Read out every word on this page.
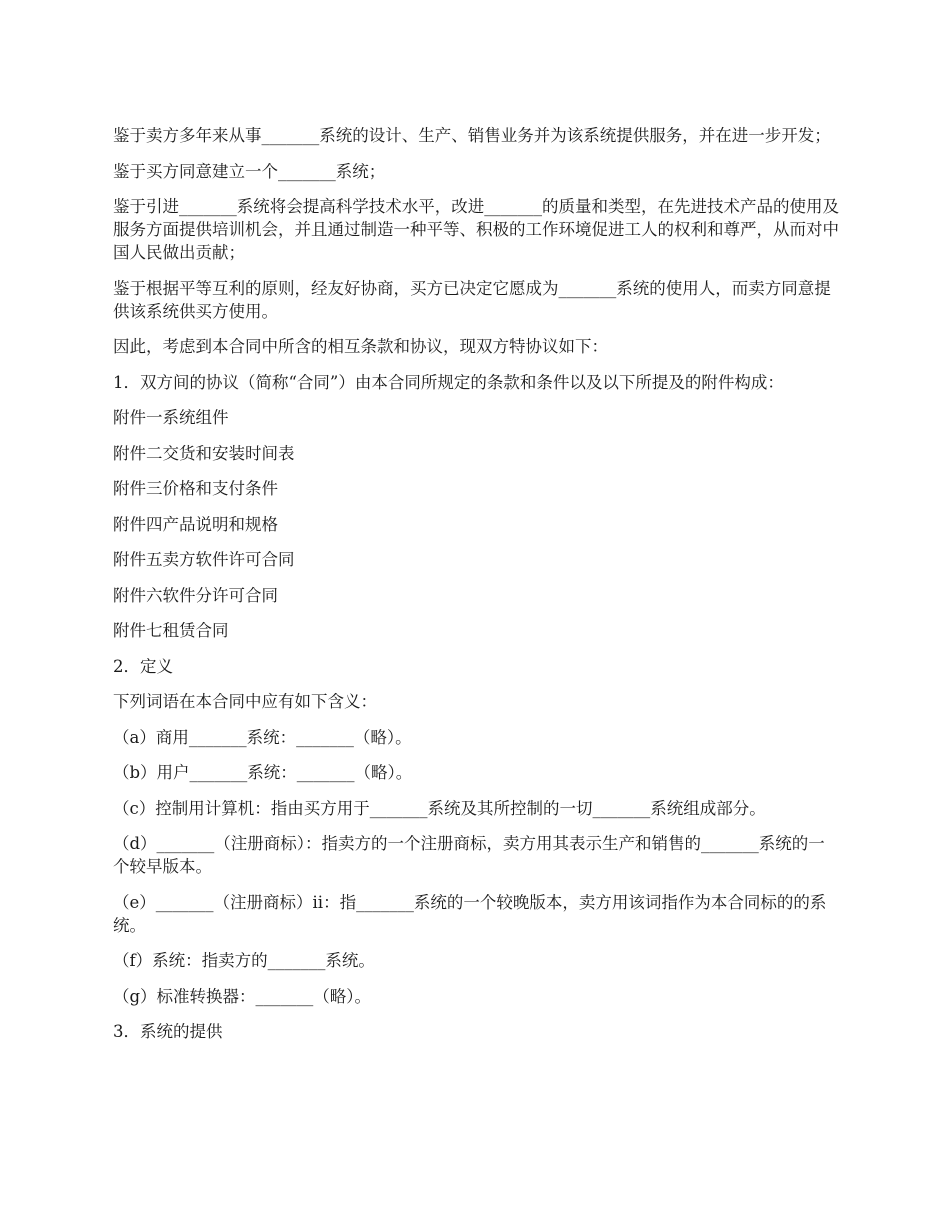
鉴于卖方多年来从事_______系统的设计、生产、销售业务并为该系统提供服务，并在进一步开发；

鉴于买方同意建立一个_______系统；

鉴于引进_______系统将会提高科学技术水平，改进_______的质量和类型，在先进技术产品的使用及服务方面提供培训机会，并且通过制造一种平等、积极的工作环境促进工人的权利和尊严，从而对中国人民做出贡献；

鉴于根据平等互利的原则，经友好协商，买方已决定它愿成为_______系统的使用人，而卖方同意提供该系统供买方使用。

因此，考虑到本合同中所含的相互条款和协议，现双方特协议如下：

1．双方间的协议（简称“合同”）由本合同所规定的条款和条件以及以下所提及的附件构成：

附件一系统组件

附件二交货和安装时间表

附件三价格和支付条件

附件四产品说明和规格

附件五卖方软件许可合同

附件六软件分许可合同

附件七租赁合同

2．定义

下列词语在本合同中应有如下含义：

（a）商用_______系统：_______（略）。

（b）用户_______系统：_______（略）。

（c）控制用计算机：指由买方用于_______系统及其所控制的一切_______系统组成部分。

（d）_______（注册商标）：指卖方的一个注册商标，卖方用其表示生产和销售的_______系统的一个较早版本。

（e）_______（注册商标）ⅱ：指_______系统的一个较晚版本，卖方用该词指作为本合同标的的系统。

（f）系统：指卖方的_______系统。

（g）标准转换器：_______（略）。

3．系统的提供
